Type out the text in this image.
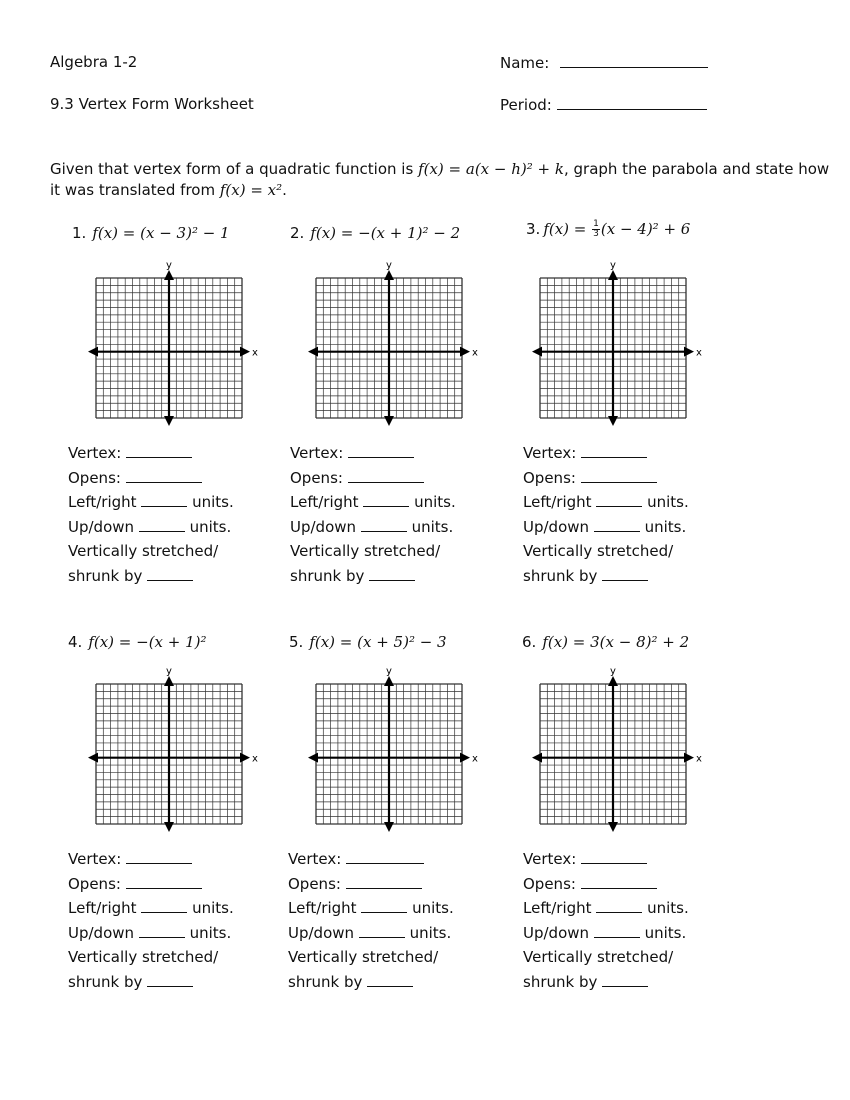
Algebra 1-2
9.3 Vertex Form Worksheet
Name:
Period:
Given that vertex form of a quadratic function is f(x) = a(x − h)² + k, graph the parabola and state how
it was translated from f(x) = x².
1. f(x) = (x − 3)² − 1	2. f(x) = −(x + 1)² − 2	3. $f(x) = \frac{1}{3} (x - 4)^2 + 6$
4. f(x) = −(x + 1)²	5. f(x) = (x + 5)² − 3	6. f(x) = 3(x − 8)² + 2
y
x
y
x
y
x
y
x
y
x
y
x
Vertex:
Opens:
Left/right	units.
Up/down	units.
Vertically stretched/
shrunk by
Vertex:
Opens:
Left/right	units.
Up/down	units.
Vertically stretched/
shrunk by
Vertex:
Opens:
Left/right	units.
Up/down	units.
Vertically stretched/
shrunk by
Vertex:
Opens:
Left/right	units.
Up/down	units.
Vertically stretched/
shrunk by
Vertex:
Opens:
Left/right	units.
Up/down	units.
Vertically stretched/
shrunk by
Vertex:
Opens:
Left/right	units.
Up/down	units.
Vertically stretched/
shrunk by
